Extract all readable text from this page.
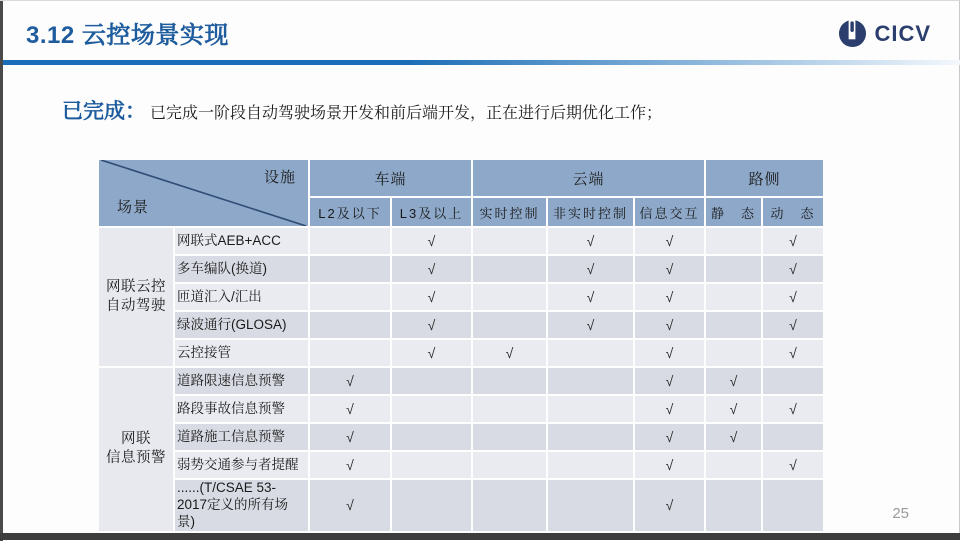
3.12 云控场景实现	CICV
已完成： 已完成一阶段自动驾驶场景开发和前后端开发，正在进行后期优化工作；
设施
场景		车端		云端			路侧	
		L2及以下	L3及以上	实时控制	非实时控制	信息交互	静　态	动　态

网联云控
自动驾驶	网联式AEB+ACC		√		√	√		√
	多车编队(换道)		√		√	√		√
	匝道汇入/汇出		√		√	√		√
	绿波通行(GLOSA)		√		√	√		√
	云控接管		√	√		√		√

网联
信息预警	道路限速信息预警	√				√	√	
	路段事故信息预警	√				√	√	√
	道路施工信息预警	√				√	√	
	弱势交通参与者提醒	√				√		√
	......(T/CSAE 53-2017定义的所有场景)	√				√			25
